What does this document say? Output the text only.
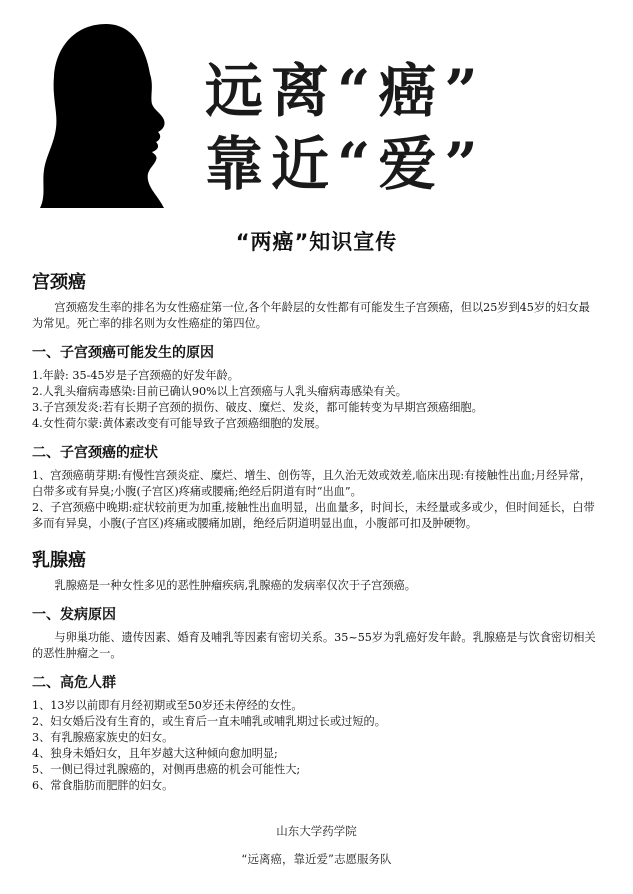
远离“癌”
靠近“爱”
“两癌”知识宣传
宫颈癌

宫颈癌发生率的排名为女性癌症第一位,各个年龄层的女性都有可能发生子宫颈癌，但以25岁到45岁的妇女最为常见。死亡率的排名则为女性癌症的第四位。

一、子宫颈癌可能发生的原因

1.年龄: 35-45岁是子宫颈癌的好发年龄。

2.人乳头瘤病毒感染:目前已确认90%以上宫颈癌与人乳头瘤病毒感染有关。

3.子宫颈发炎:若有长期子宫颈的损伤、破皮、糜烂、发炎，都可能转变为早期宫颈癌细胞。

4.女性荷尔蒙:黄体素改变有可能导致子宫颈癌细胞的发展。

二、子宫颈癌的症状

1、宫颈癌萌芽期:有慢性宫颈炎症、糜烂、增生、创伤等，且久治无效或效差,临床出现:有接触性出血;月经异常，白带多或有异臭;小腹(子宫区)疼痛或腰痛;绝经后阴道有时“出血”。

2、子宫颈癌中晚期:症状较前更为加重,接触性出血明显，出血量多，时间长，未经量或多或少，但时间延长，白带多而有异臭，小腹(子宫区)疼痛或腰痛加剧，绝经后阴道明显出血，小腹部可扣及肿硬物。

乳腺癌

乳腺癌是一种女性多见的恶性肿瘤疾病,乳腺癌的发病率仅次于子宫颈癌。

一、发病原因

与卵巢功能、遗传因素、婚育及哺乳等因素有密切关系。35~55岁为乳癌好发年龄。乳腺癌是与饮食密切相关的恶性肿瘤之一。

二、高危人群

1、13岁以前即有月经初期或至50岁还未停经的女性。

2、妇女婚后没有生育的，或生育后一直未哺乳或哺乳期过长或过短的。

3、有乳腺癌家族史的妇女。

4、独身未婚妇女，且年岁越大这种倾向愈加明显;

5、一侧已得过乳腺癌的，对侧再患癌的机会可能性大;

6、常食脂肪而肥胖的妇女。

山东大学药学院
“远离癌，靠近爱”志愿服务队
